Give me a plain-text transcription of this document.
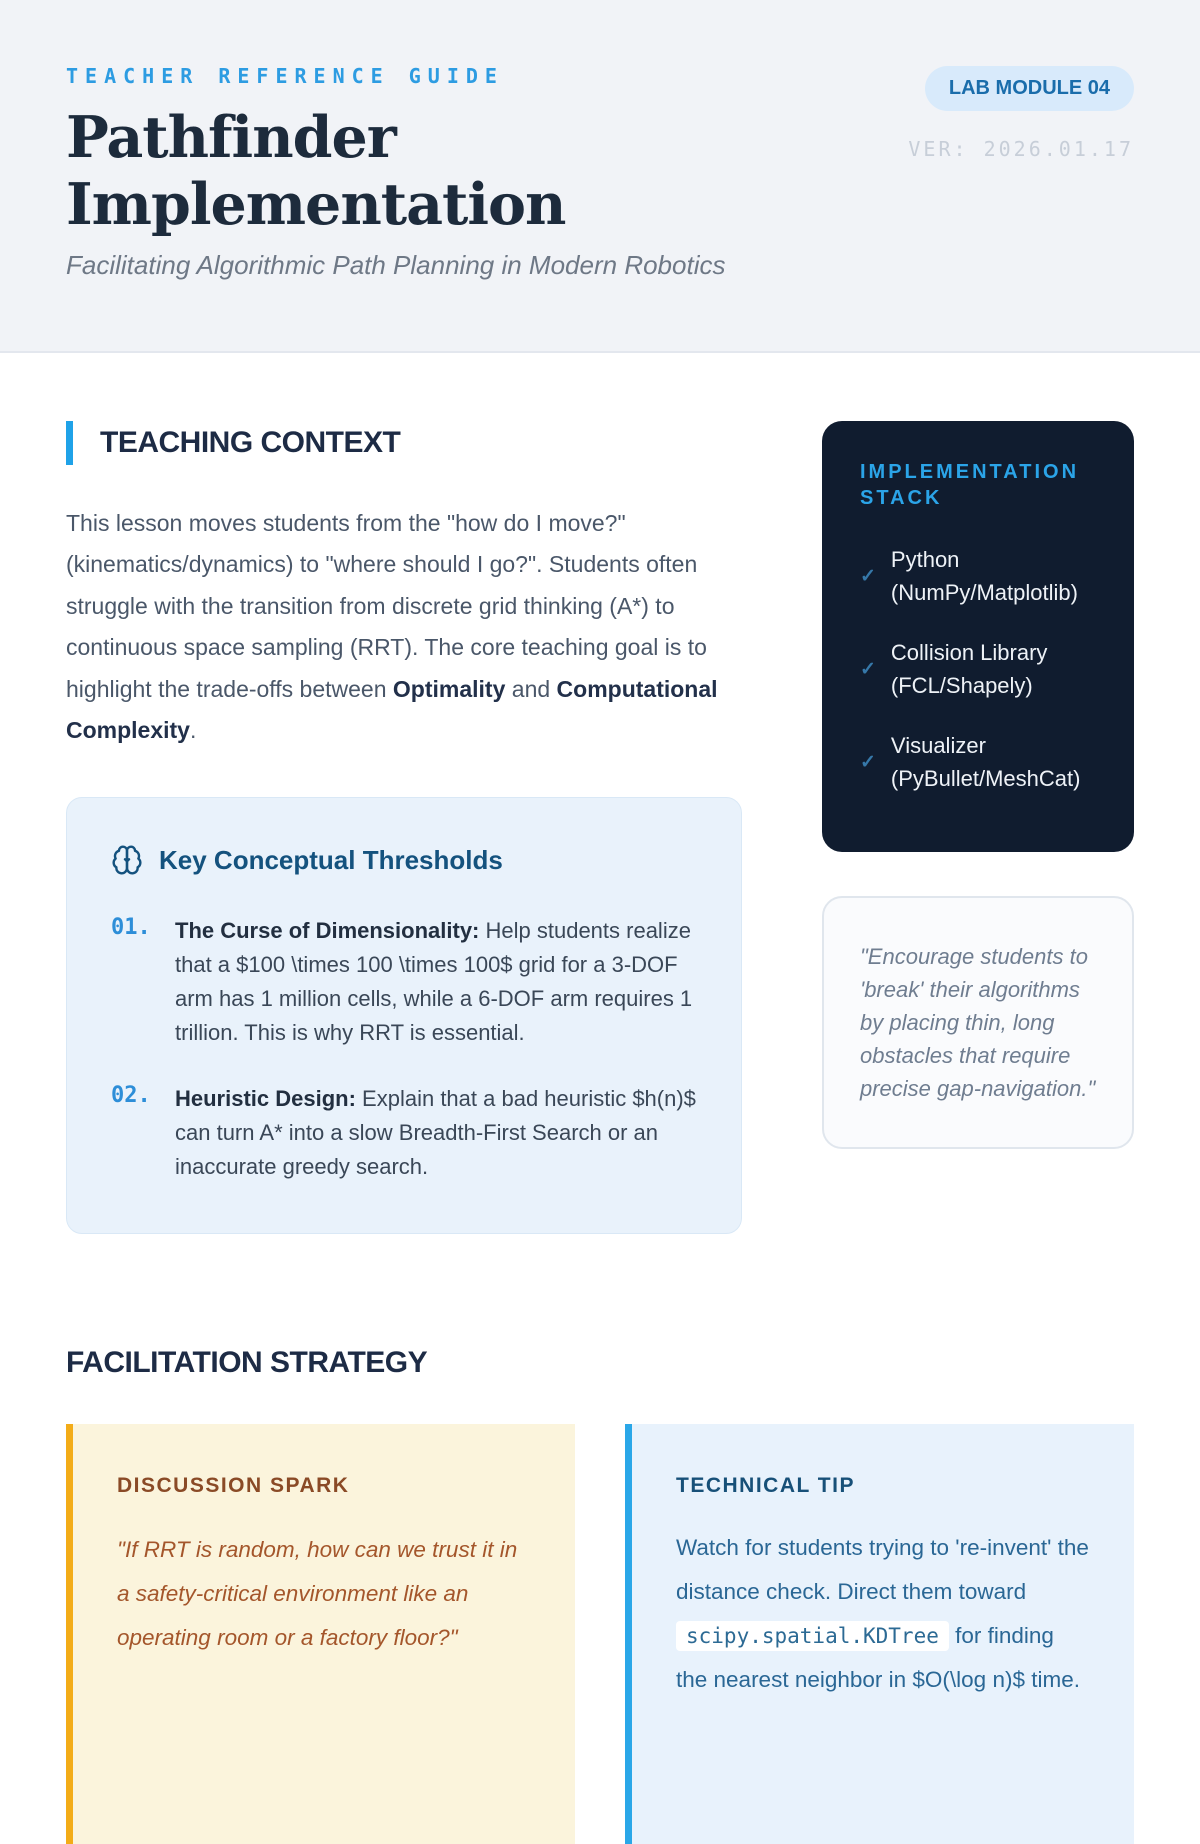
TEACHER REFERENCE GUIDE
Pathfinder Implementation
Facilitating Algorithmic Path Planning in Modern Robotics
LAB MODULE 04
VER: 2026.01.17
TEACHING CONTEXT

This lesson moves students from the "how do I move?" (kinematics/dynamics) to "where should I go?". Students often struggle with the transition from discrete grid thinking (A*) to continuous space sampling (RRT). The core teaching goal is to highlight the trade-offs between Optimality and Computational Complexity.

Key Conceptual Thresholds
01. The Curse of Dimensionality: Help students realize that a $100 \times 100 \times 100$ grid for a 3-DOF arm has 1 million cells, while a 6-DOF arm requires 1 trillion. This is why RRT is essential.
02. Heuristic Design: Explain that a bad heuristic $h(n)$ can turn A* into a slow Breadth-First Search or an inaccurate greedy search.
IMPLEMENTATION STACK
✓
Python (NumPy/Matplotlib)
✓
Collision Library (FCL/Shapely)
✓
Visualizer (PyBullet/MeshCat)

"Encourage students to 'break' their algorithms by placing thin, long obstacles that require precise gap-navigation."

FACILITATION STRATEGY
DISCUSSION SPARK

"If RRT is random, how can we trust it in a safety-critical environment like an operating room or a factory floor?"

TECHNICAL TIP

Watch for students trying to 're-invent' the distance check. Direct them toward scipy.spatial.KDTree for finding the nearest neighbor in $O(\log n)$ time.
